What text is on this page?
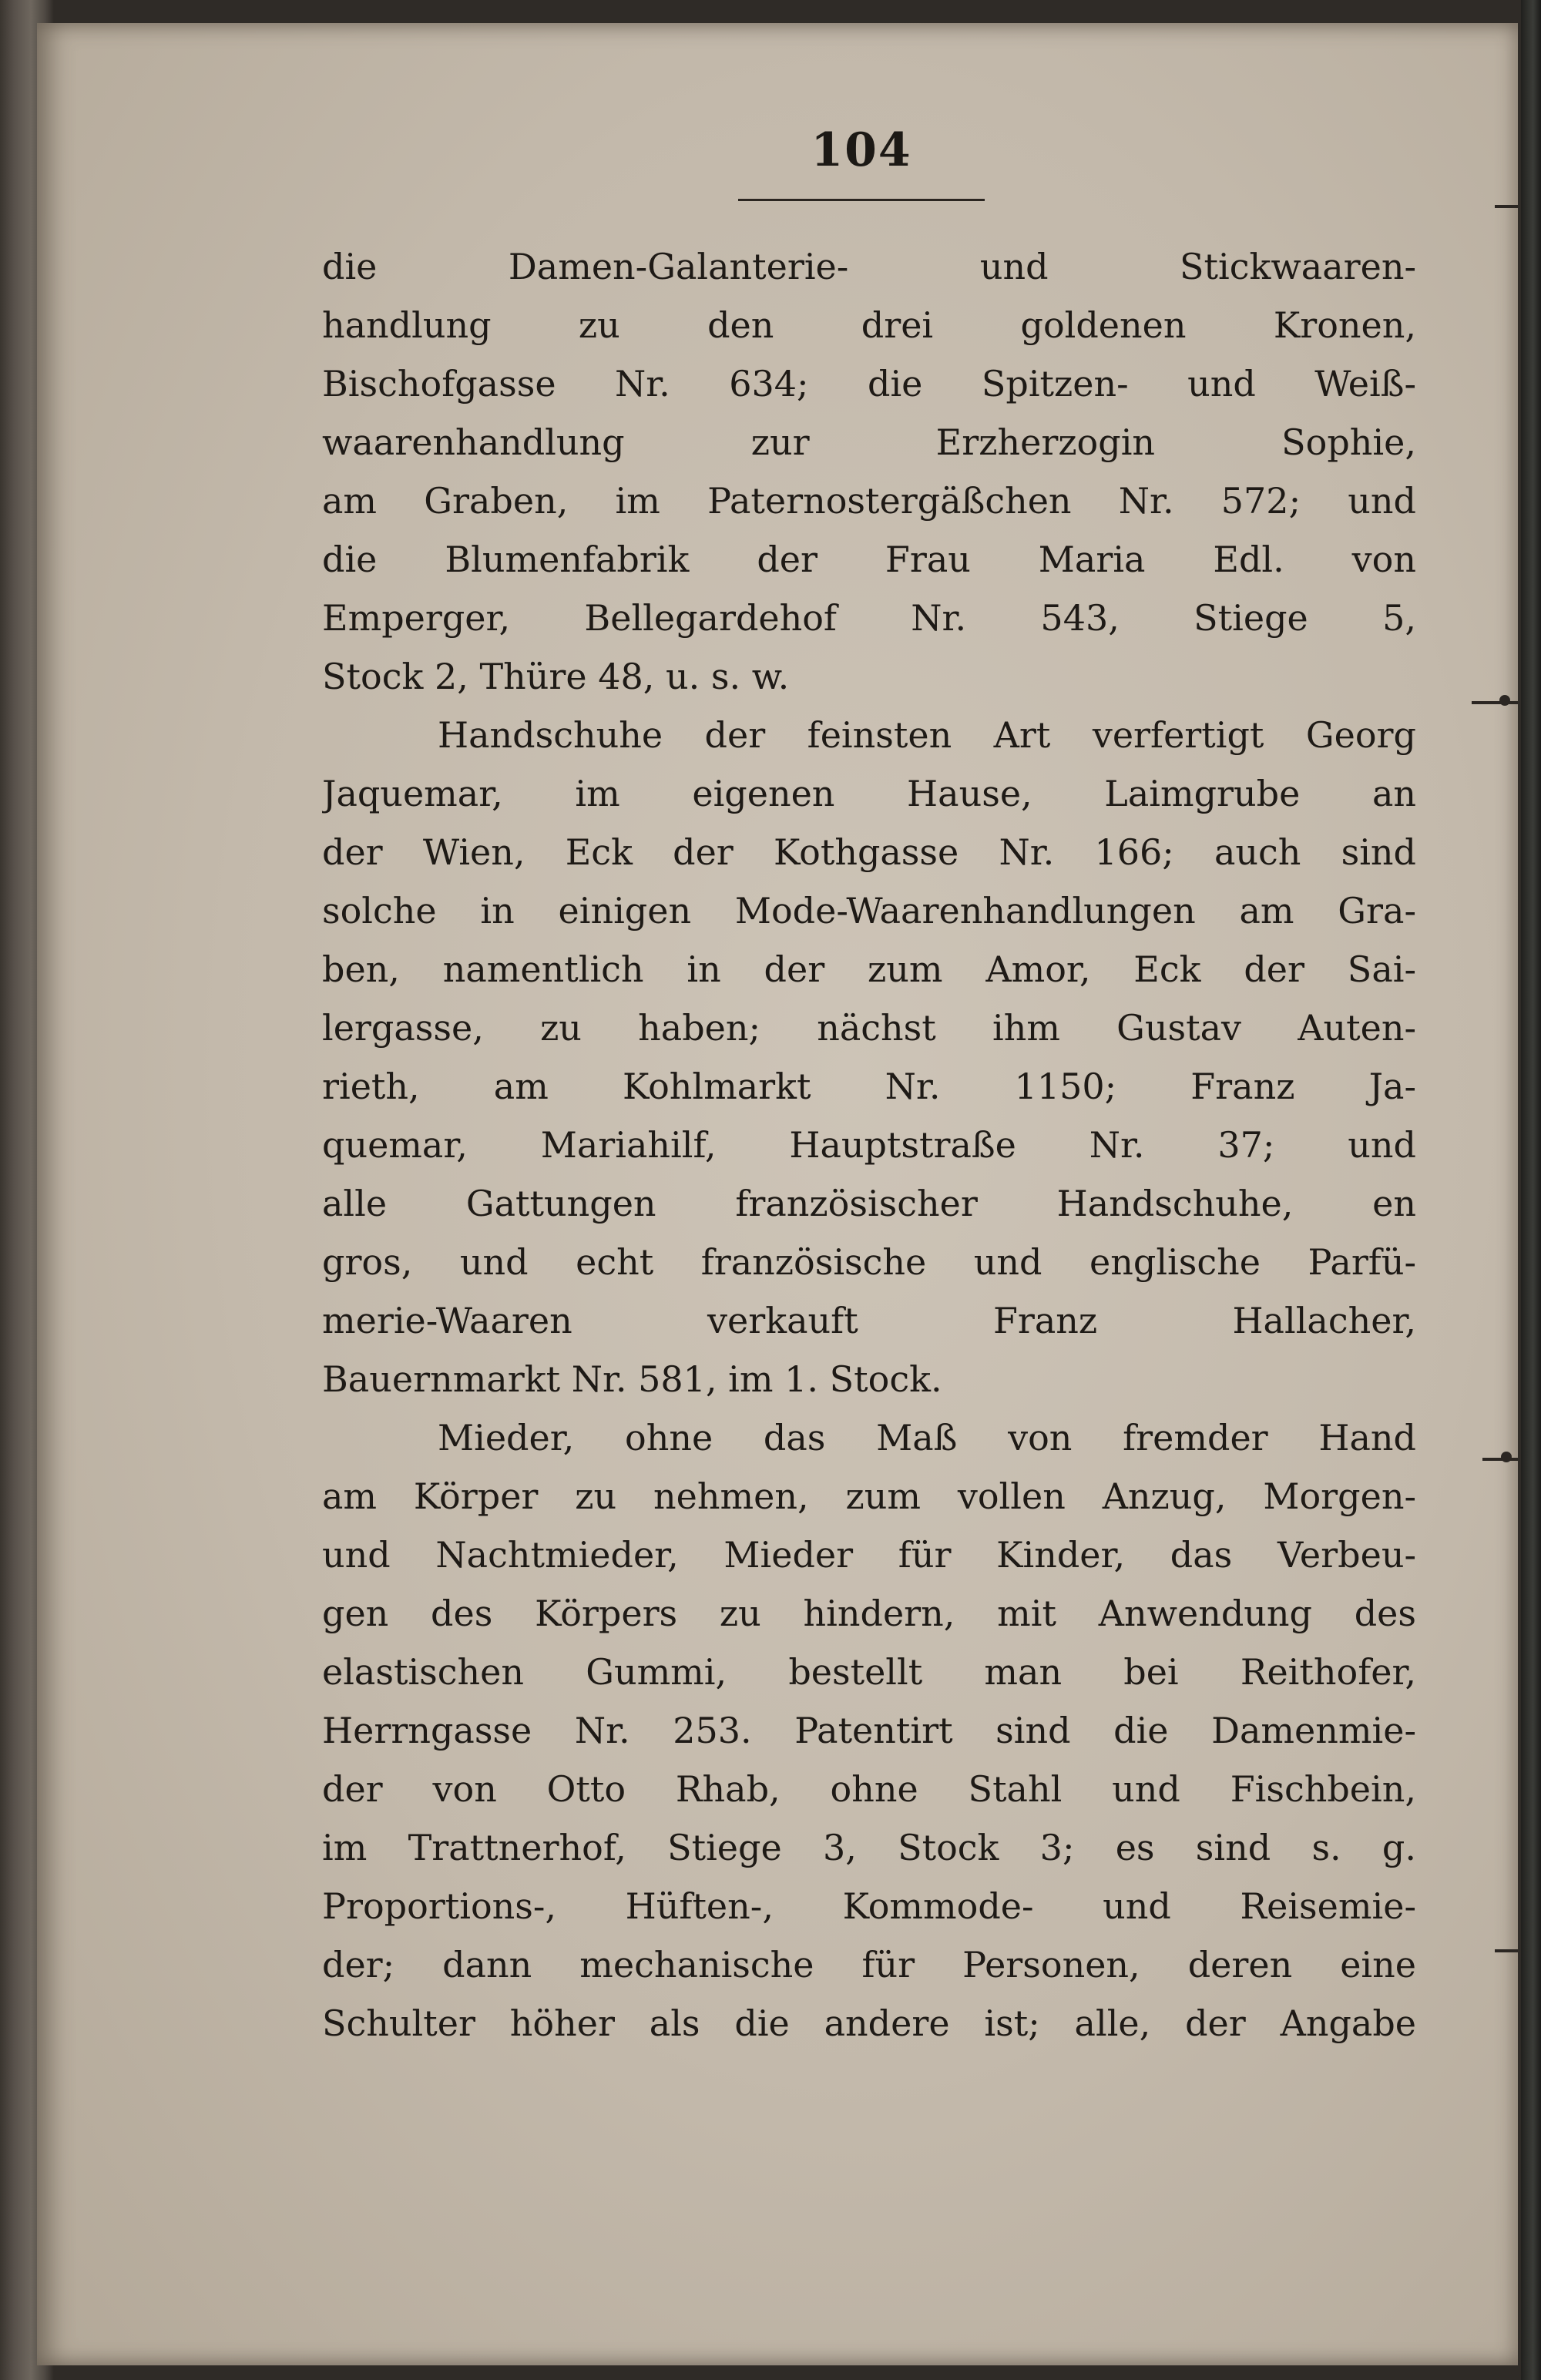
104
die Damen-Galanterie- und Stickwaaren-
handlung zu den drei goldenen Kronen,
Bischofgasse Nr. 634; die Spitzen- und Weiß-
waarenhandlung zur Erzherzogin Sophie,
am Graben, im Paternostergäßchen Nr. 572; und
die Blumenfabrik der Frau Maria Edl. von
Emperger, Bellegardehof Nr. 543, Stiege 5,
Stock 2, Thüre 48, u. s. w.
Handschuhe der feinsten Art verfertigt Georg
Jaquemar, im eigenen Hause, Laimgrube an
der Wien, Eck der Kothgasse Nr. 166; auch sind
solche in einigen Mode-Waarenhandlungen am Gra-
ben, namentlich in der zum Amor, Eck der Sai-
lergasse, zu haben; nächst ihm Gustav Auten-
rieth, am Kohlmarkt Nr. 1150; Franz Ja-
quemar, Mariahilf, Hauptstraße Nr. 37; und
alle Gattungen französischer Handschuhe, en
gros, und echt französische und englische Parfü-
merie-Waaren verkauft Franz Hallacher,
Bauernmarkt Nr. 581, im 1. Stock.
Mieder, ohne das Maß von fremder Hand
am Körper zu nehmen, zum vollen Anzug, Morgen-
und Nachtmieder, Mieder für Kinder, das Verbeu-
gen des Körpers zu hindern, mit Anwendung des
elastischen Gummi, bestellt man bei Reithofer,
Herrngasse Nr. 253. Patentirt sind die Damenmie-
der von Otto Rhab, ohne Stahl und Fischbein,
im Trattnerhof, Stiege 3, Stock 3; es sind s. g.
Proportions-, Hüften-, Kommode- und Reisemie-
der; dann mechanische für Personen, deren eine
Schulter höher als die andere ist; alle, der Angabe
